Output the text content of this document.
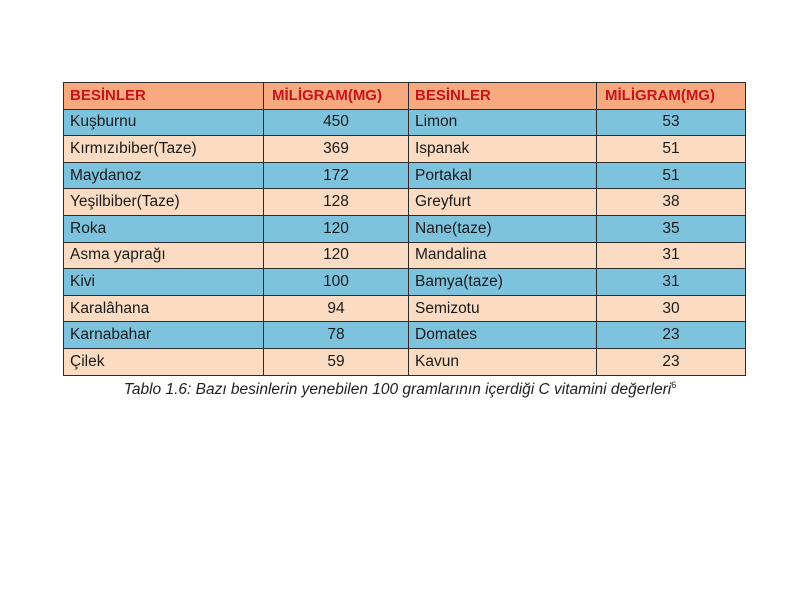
BESİNLER	MİLİGRAM(MG)	BESİNLER	MİLİGRAM(MG)
Kuşburnu	450	Limon	53
Kırmızıbiber(Taze)	369	Ispanak	51
Maydanoz	172	Portakal	51
Yeşilbiber(Taze)	128	Greyfurt	38
Roka	120	Nane(taze)	35
Asma yaprağı	120	Mandalina	31
Kivi	100	Bamya(taze)	31
Karalâhana	94	Semizotu	30
Karnabahar	78	Domates	23
Çilek	59	Kavun	23
Tablo 1.6: Bazı besinlerin yenebilen 100 gramlarının içerdiği C vitamini değerleri$^6$
